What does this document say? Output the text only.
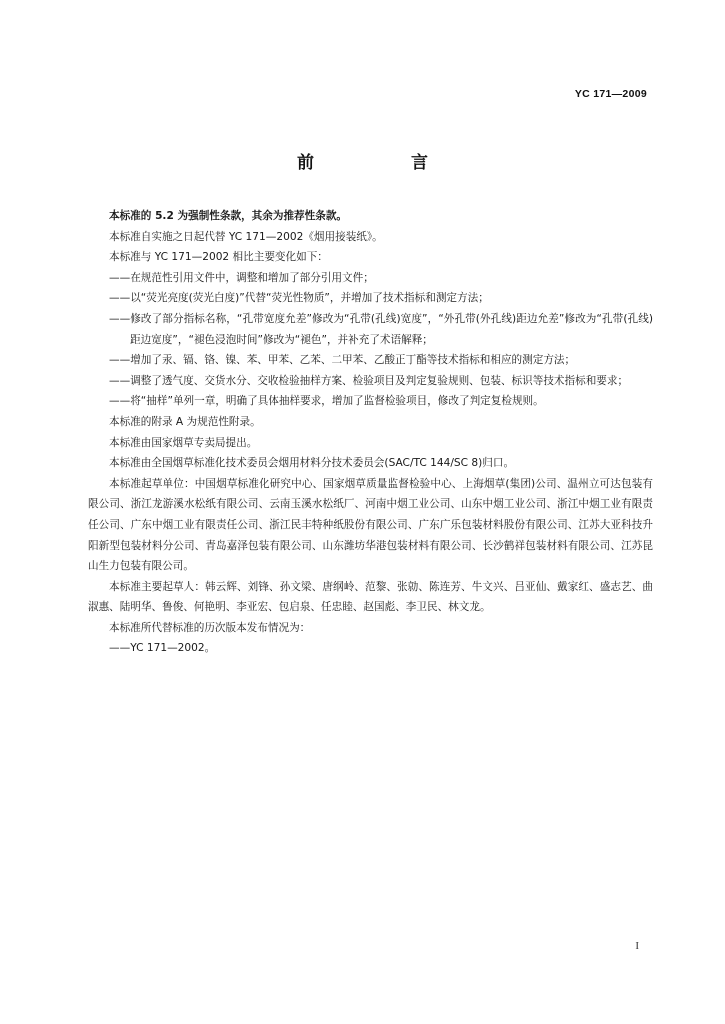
YC 171—2009
前　言

本标准的 5.2 为强制性条款，其余为推荐性条款。

本标准自实施之日起代替 YC 171—2002《烟用接装纸》。

本标准与 YC 171—2002 相比主要变化如下：

——在规范性引用文件中，调整和增加了部分引用文件；

——以“荧光亮度(荧光白度)”代替“荧光性物质”，并增加了技术指标和测定方法；

——修改了部分指标名称，“孔带宽度允差”修改为“孔带(孔线)宽度”，“外孔带(外孔线)距边允差”修改为“孔带(孔线)距边宽度”，“褪色浸泡时间”修改为“褪色”，并补充了术语解释；

——增加了汞、镉、铬、镍、苯、甲苯、乙苯、二甲苯、乙酸正丁酯等技术指标和相应的测定方法；

——调整了透气度、交货水分、交收检验抽样方案、检验项目及判定复验规则、包装、标识等技术指标和要求；

——将“抽样”单列一章，明确了具体抽样要求，增加了监督检验项目，修改了判定复检规则。

本标准的附录 A 为规范性附录。

本标准由国家烟草专卖局提出。

本标准由全国烟草标准化技术委员会烟用材料分技术委员会(SAC/TC 144/SC 8)归口。

本标准起草单位：中国烟草标准化研究中心、国家烟草质量监督检验中心、上海烟草(集团)公司、温州立可达包装有限公司、浙江龙游溪水松纸有限公司、云南玉溪水松纸厂、河南中烟工业公司、山东中烟工业公司、浙江中烟工业有限责任公司、广东中烟工业有限责任公司、浙江民丰特种纸股份有限公司、广东广乐包装材料股份有限公司、江苏大亚科技升阳新型包装材料分公司、青岛嘉泽包装有限公司、山东潍坊华港包装材料有限公司、长沙鹤祥包装材料有限公司、江苏昆山生力包装有限公司。

本标准主要起草人：韩云辉、刘锋、孙文梁、唐纲岭、范黎、张勍、陈连芳、牛文兴、吕亚仙、戴家红、盛志艺、曲淑惠、陆明华、鲁俊、何艳明、李亚宏、包启泉、任忠睦、赵国彪、李卫民、林文龙。

本标准所代替标准的历次版本发布情况为：

——YC 171—2002。

I
